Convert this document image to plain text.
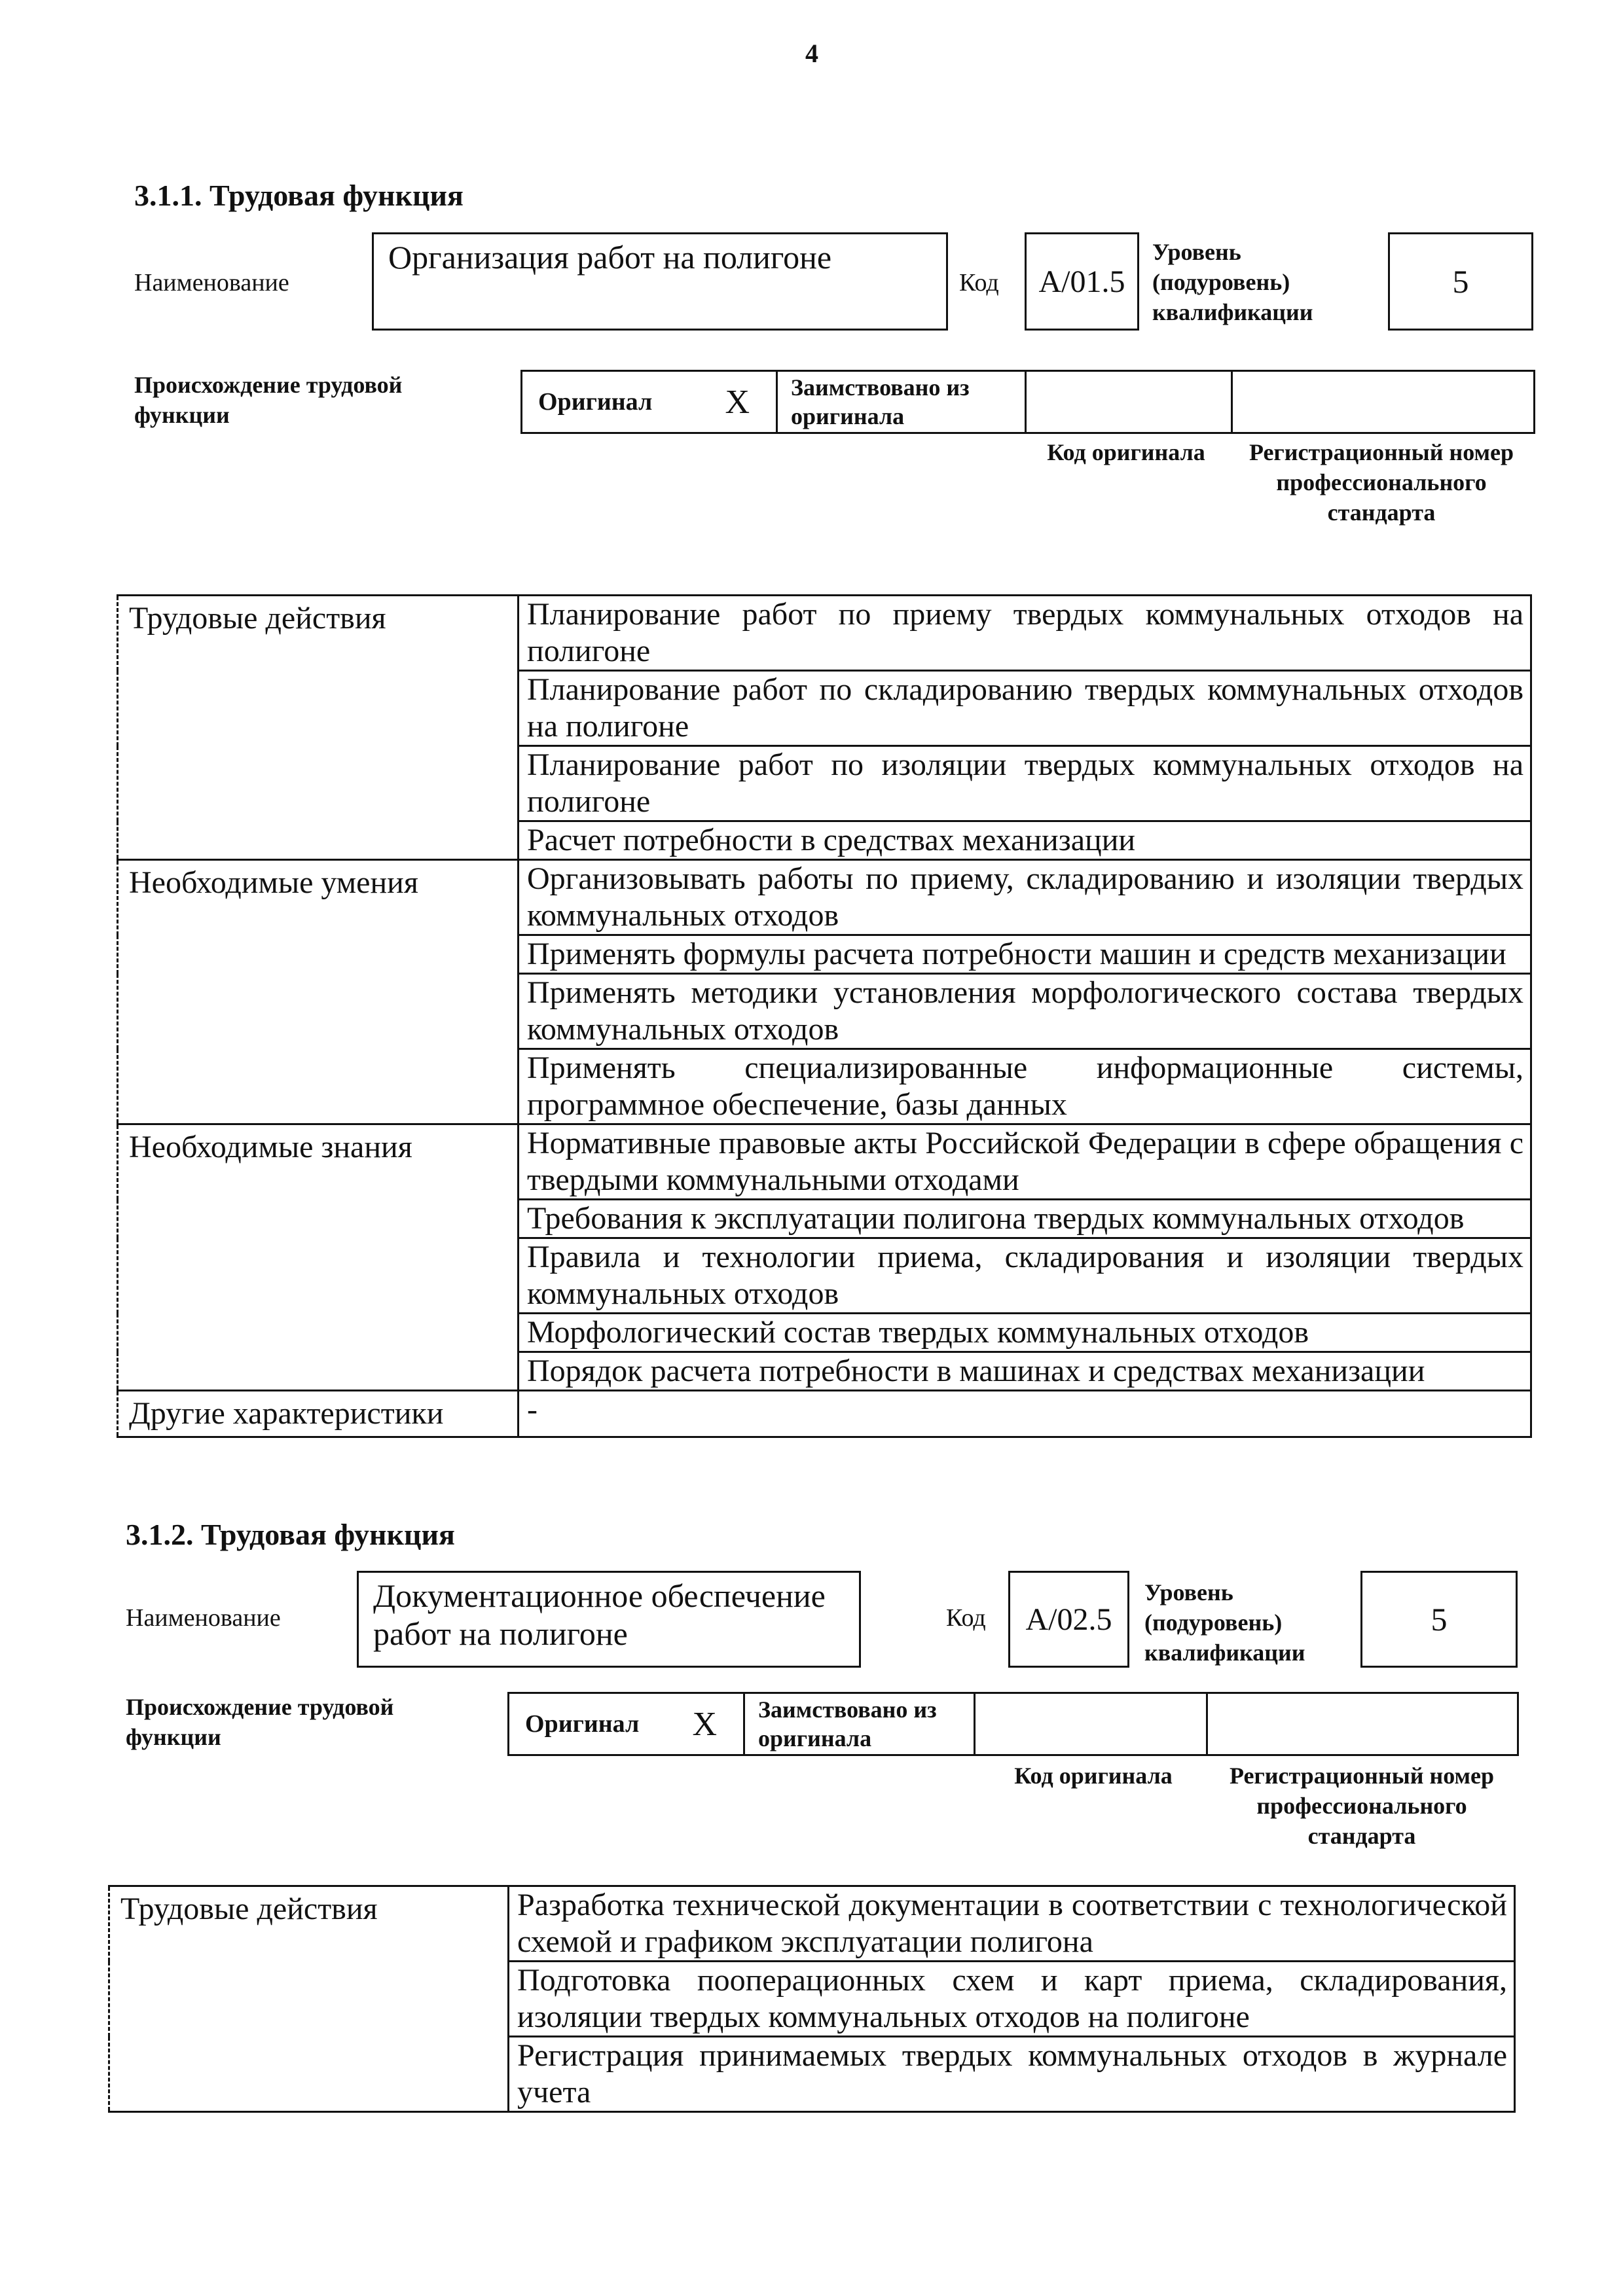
4
3.1.1. Трудовая функция
Наименование
Организация работ на полигоне
Код	А/01.5
Уровень (подуровень) квалификации
5
Происхождение трудовой функции	Оригинал X	Заимствовано из оригинала
Код оригинала	Регистрационный номер профессионального стандарта
Трудовые действия	Планирование работ по приему твердых коммунальных отходов на полигоне
	Планирование работ по складированию твердых коммунальных отходов на полигоне
	Планирование работ по изоляции твердых коммунальных отходов на полигоне
	Расчет потребности в средствах механизации
Необходимые умения	Организовывать работы по приему, складированию и изоляции твердых коммунальных отходов
	Применять формулы расчета потребности машин и средств механизации
	Применять методики установления морфологического состава твердых коммунальных отходов
	Применять специализированные информационные системы, программное обеспечение, базы данных
Необходимые знания	Нормативные правовые акты Российской Федерации в сфере обращения с твердыми коммунальными отходами
	Требования к эксплуатации полигона твердых коммунальных отходов
	Правила и технологии приема, складирования и изоляции твердых коммунальных отходов
	Морфологический состав твердых коммунальных отходов
	Порядок расчета потребности в машинах и средствах механизации
Другие характеристики	-
3.1.2. Трудовая функция
Наименование
Документационное обеспечение работ на полигоне	Код	А/02.5
Уровень (подуровень) квалификации
5
Происхождение трудовой функции	Оригинал X	Заимствовано из оригинала
Код оригинала	Регистрационный номер профессионального стандарта
Трудовые действия	Разработка технической документации в соответствии с технологической схемой и графиком эксплуатации полигона
Подготовка пооперационных схем и карт приема, складирования, изоляции твердых коммунальных отходов на полигоне
Регистрация принимаемых твердых коммунальных отходов в журнале учета
